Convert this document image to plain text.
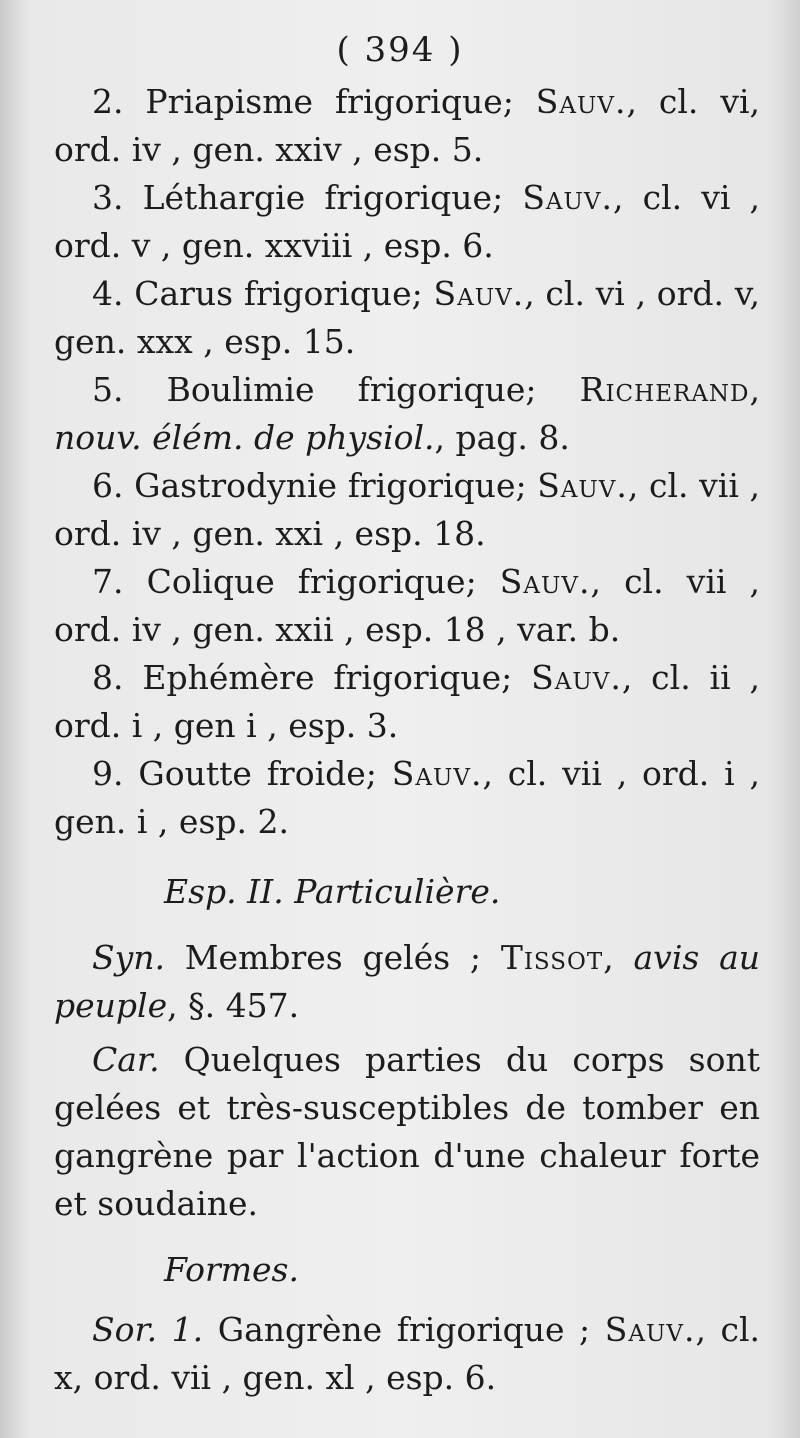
( 394 )

2. Priapisme frigorique; Sauv., cl. vi, ord. iv , gen. xxiv , esp. 5.

3. Léthargie frigorique; Sauv., cl. vi , ord. v , gen. xxviii , esp. 6.

4. Carus frigorique; Sauv., cl. vi , ord. v, gen. xxx , esp. 15.

5. Boulimie frigorique; Richerand, nouv. élém. de physiol., pag. 8.

6. Gastrodynie frigorique; Sauv., cl. vii , ord. iv , gen. xxi , esp. 18.

7. Colique frigorique; Sauv., cl. vii , ord. iv , gen. xxii , esp. 18 , var. b.

8. Ephémère frigorique; Sauv., cl. ii , ord. i , gen i , esp. 3.

9. Goutte froide; Sauv., cl. vii , ord. i , gen. i , esp. 2.

Esp. II. Particulière.

Syn. Membres gelés ; Tissot, avis au peuple, §. 457.

Car. Quelques parties du corps sont gelées et très-susceptibles de tomber en gangrène par l'action d'une chaleur forte et soudaine.

Formes.

Sor. 1. Gangrène frigorique ; Sauv., cl. x, ord. vii , gen. xl , esp. 6.
